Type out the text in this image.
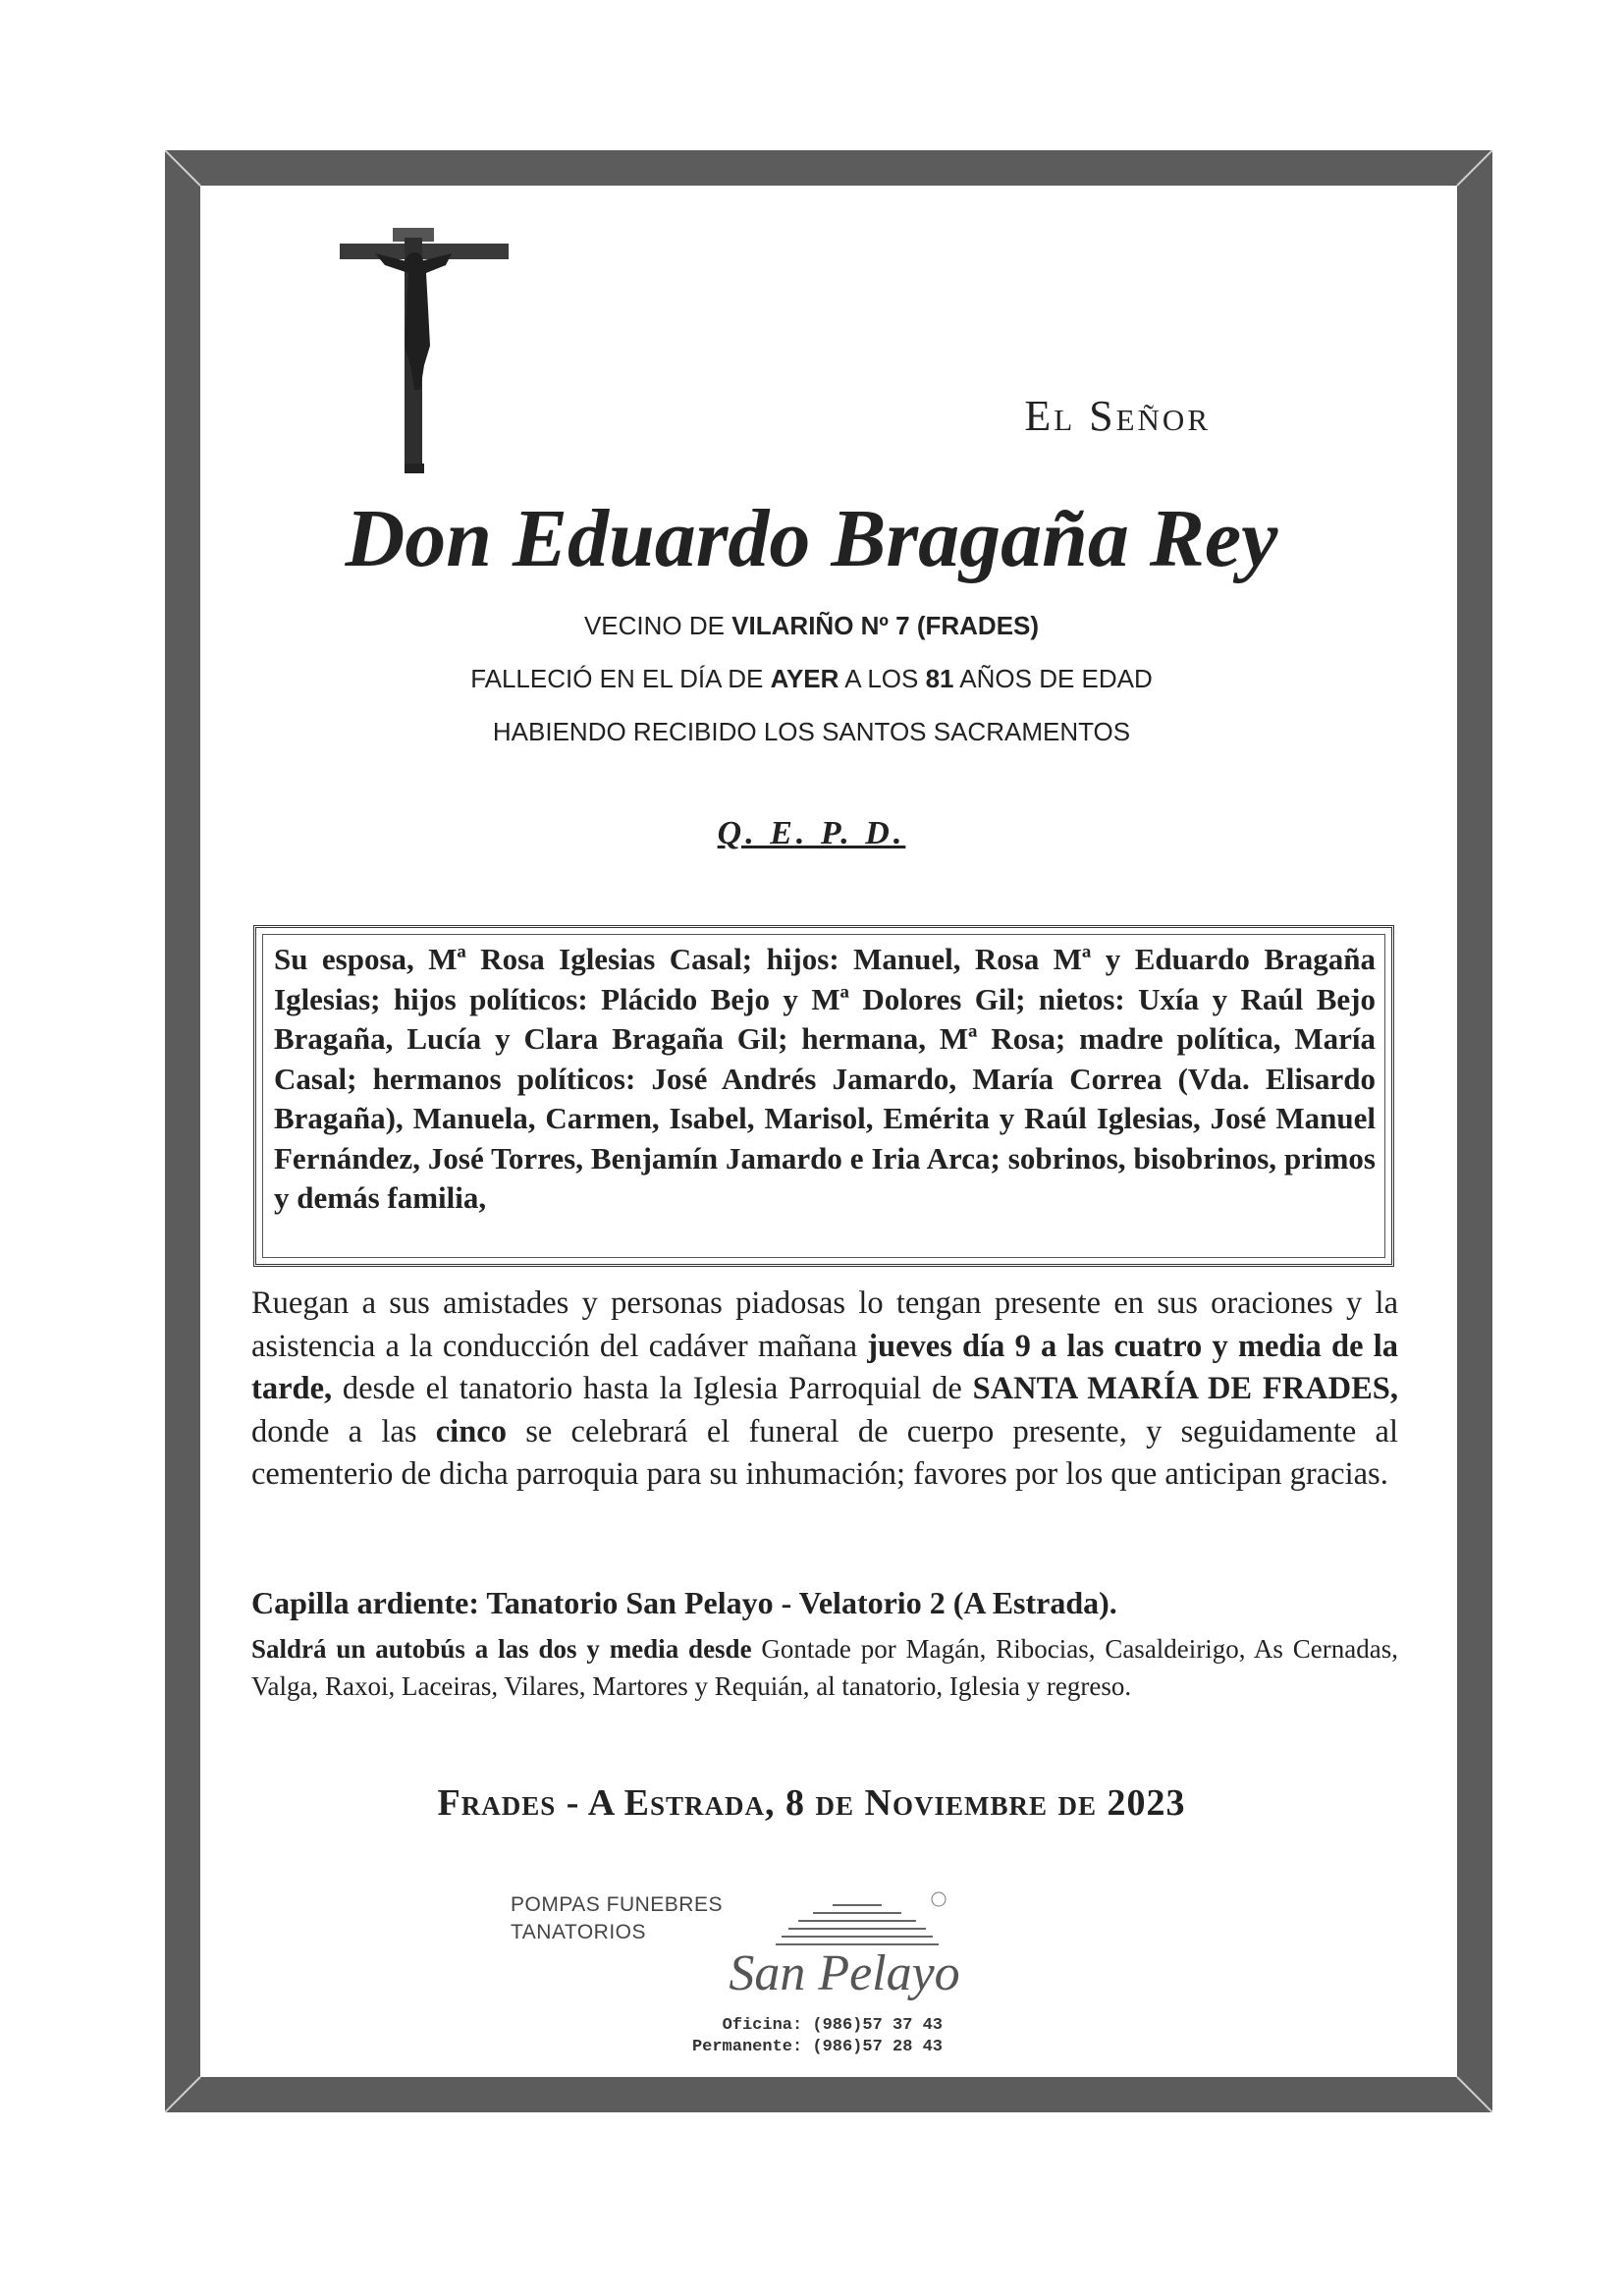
El Señor
Don Eduardo Bragaña Rey
VECINO DE VILARIÑO Nº 7 (FRADES)
FALLECIÓ EN EL DÍA DE AYER A LOS 81 AÑOS DE EDAD
HABIENDO RECIBIDO LOS SANTOS SACRAMENTOS
Q. E. P. D.
Su esposa, Mª Rosa Iglesias Casal; hijos: Manuel, Rosa Mª y Eduardo Bragaña Iglesias; hijos políticos: Plácido Bejo y Mª Dolores Gil; nietos: Uxía y Raúl Bejo Bragaña, Lucía y Clara Bragaña Gil; hermana, Mª Rosa; madre política, María Casal; hermanos políticos: José Andrés Jamardo, María Correa (Vda. Elisardo Bragaña), Manuela, Carmen, Isabel, Marisol, Emérita y Raúl Iglesias, José Manuel Fernández, José Torres, Benjamín Jamardo e Iria Arca; sobrinos, bisobrinos, primos y demás familia,
Ruegan a sus amistades y personas piadosas lo tengan presente en sus oraciones y la asistencia a la conducción del cadáver mañana jueves día 9 a las cuatro y media de la tarde, desde el tanatorio hasta la Iglesia Parroquial de SANTA MARÍA DE FRADES, donde a las cinco se celebrará el funeral de cuerpo presente, y seguidamente al cementerio de dicha parroquia para su inhumación; favores por los que anticipan gracias.
Capilla ardiente: Tanatorio San Pelayo - Velatorio 2 (A Estrada).
Saldrá un autobús a las dos y media desde Gontade por Magán, Ribocias, Casaldeirigo, As Cernadas, Valga, Raxoi, Laceiras, Vilares, Martores y Requián, al tanatorio, Iglesia y regreso.
Frades - A Estrada, 8 de Noviembre de 2023
POMPAS FUNEBRES
TANATORIOS
San Pelayo
Oficina: (986)57 37 43
Permanente: (986)57 28 43
